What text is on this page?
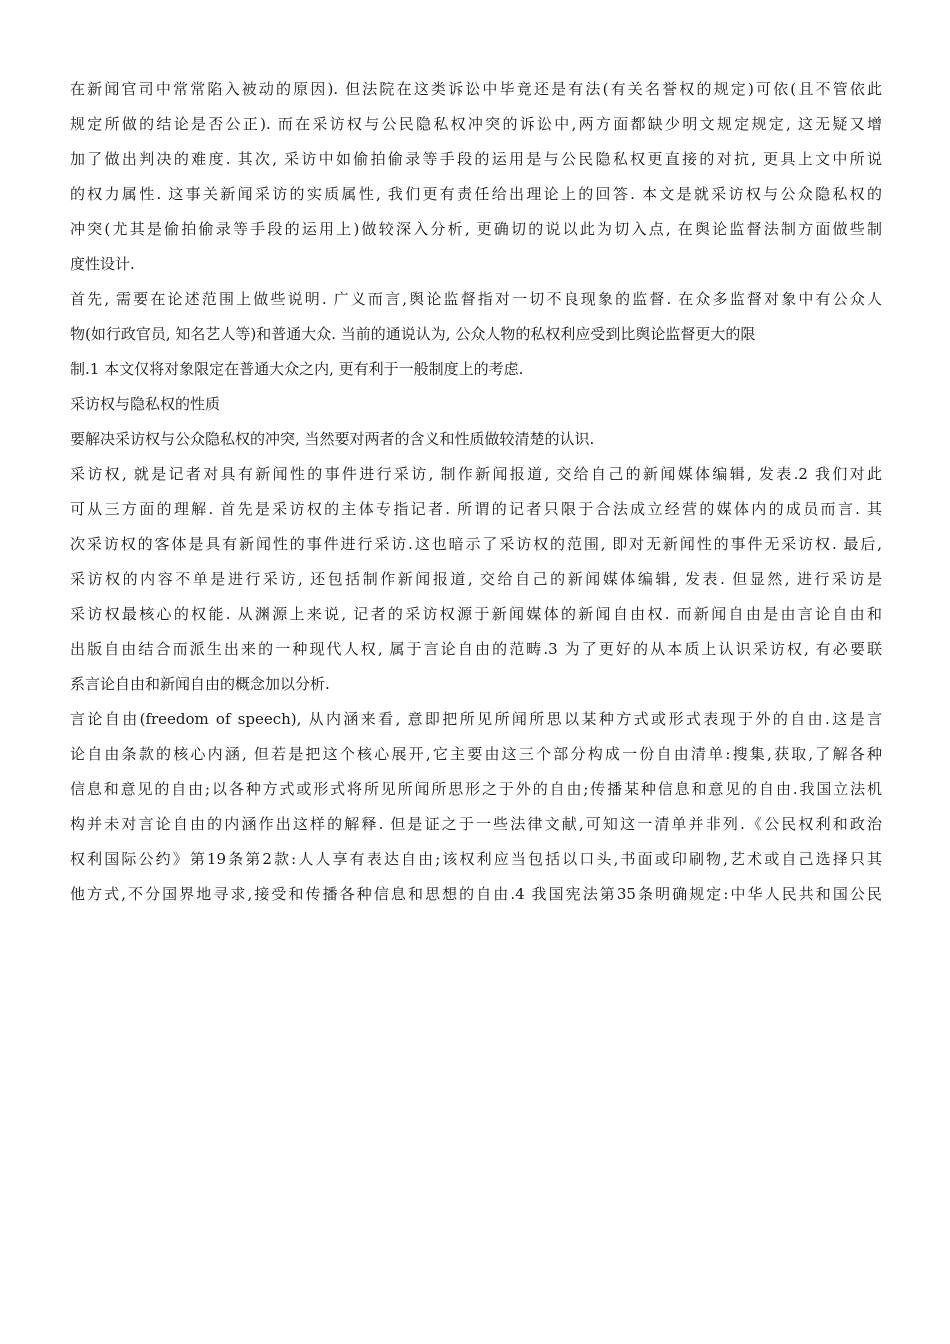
在新闻官司中常常陷入被动的原因). 但法院在这类诉讼中毕竟还是有法(有关名誉权的规定)可依(且不管依此
规定所做的结论是否公正). 而在采访权与公民隐私权冲突的诉讼中,两方面都缺少明文规定规定, 这无疑又增
加了做出判决的难度. 其次, 采访中如偷拍偷录等手段的运用是与公民隐私权更直接的对抗, 更具上文中所说
的权力属性. 这事关新闻采访的实质属性, 我们更有责任给出理论上的回答. 本文是就采访权与公众隐私权的
冲突(尤其是偷拍偷录等手段的运用上)做较深入分析, 更确切的说以此为切入点, 在舆论监督法制方面做些制
度性设计.
首先, 需要在论述范围上做些说明. 广义而言,舆论监督指对一切不良现象的监督. 在众多监督对象中有公众人
物(如行政官员, 知名艺人等)和普通大众. 当前的通说认为, 公众人物的私权利应受到比舆论监督更大的限
制.1 本文仅将对象限定在普通大众之内, 更有利于一般制度上的考虑.
采访权与隐私权的性质
要解决采访权与公众隐私权的冲突, 当然要对两者的含义和性质做较清楚的认识.
采访权, 就是记者对具有新闻性的事件进行采访, 制作新闻报道, 交给自己的新闻媒体编辑, 发表.2 我们对此
可从三方面的理解. 首先是采访权的主体专指记者. 所谓的记者只限于合法成立经营的媒体内的成员而言. 其
次采访权的客体是具有新闻性的事件进行采访.这也暗示了采访权的范围, 即对无新闻性的事件无采访权. 最后,
采访权的内容不单是进行采访, 还包括制作新闻报道, 交给自己的新闻媒体编辑, 发表. 但显然, 进行采访是
采访权最核心的权能. 从渊源上来说, 记者的采访权源于新闻媒体的新闻自由权. 而新闻自由是由言论自由和
出版自由结合而派生出来的一种现代人权, 属于言论自由的范畴.3 为了更好的从本质上认识采访权, 有必要联
系言论自由和新闻自由的概念加以分析.
言论自由(freedom of speech), 从内涵来看, 意即把所见所闻所思以某种方式或形式表现于外的自由.这是言
论自由条款的核心内涵, 但若是把这个核心展开,它主要由这三个部分构成一份自由清单:搜集,获取,了解各种
信息和意见的自由;以各种方式或形式将所见所闻所思形之于外的自由;传播某种信息和意见的自由.我国立法机
构并未对言论自由的内涵作出这样的解释. 但是证之于一些法律文献,可知这一清单并非列.《公民权利和政治
权利国际公约》第19条第2款:人人享有表达自由;该权利应当包括以口头,书面或印刷物,艺术或自己选择只其
他方式,不分国界地寻求,接受和传播各种信息和思想的自由.4 我国宪法第35条明确规定:中华人民共和国公民
